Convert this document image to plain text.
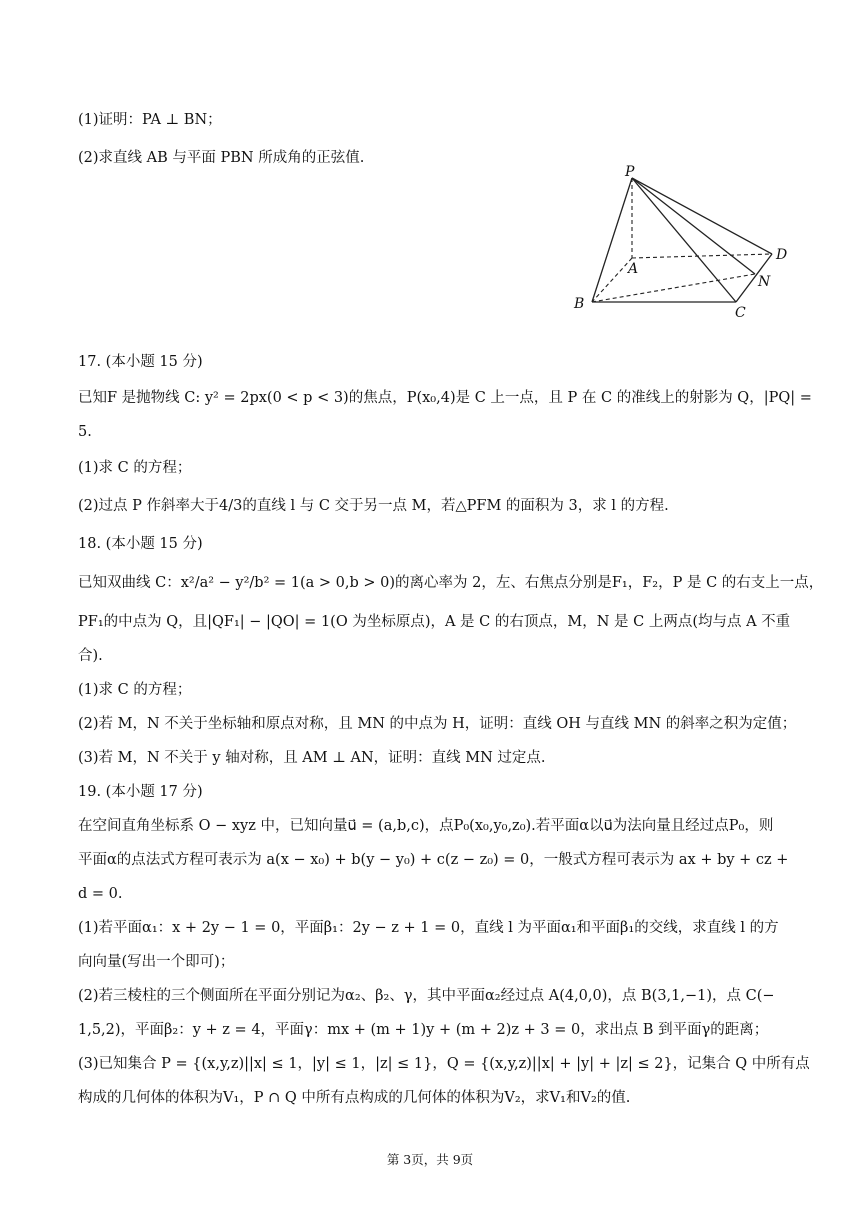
(1)证明：PA ⊥ BN；
(2)求直线 AB 与平面 PBN 所成角的正弦值.
P
A
B
C
D
N
17. (本小题 15 分)
已知F 是抛物线 C: y² = 2px(0 < p < 3)的焦点，P(x₀,4)是 C 上一点，且 P 在 C 的准线上的射影为 Q，|PQ| =
5.
(1)求 C 的方程；
(2)过点 P 作斜率大于4/3的直线 l 与 C 交于另一点 M，若△PFM 的面积为 3，求 l 的方程.
18. (本小题 15 分)
已知双曲线 C：x²/a² − y²/b² = 1(a > 0,b > 0)的离心率为 2，左、右焦点分别是F₁，F₂，P 是 C 的右支上一点，
PF₁的中点为 Q，且|QF₁| − |QO| = 1(O 为坐标原点)，A 是 C 的右顶点，M，N 是 C 上两点(均与点 A 不重
合).
(1)求 C 的方程；
(2)若 M，N 不关于坐标轴和原点对称，且 MN 的中点为 H，证明：直线 OH 与直线 MN 的斜率之积为定值；
(3)若 M，N 不关于 y 轴对称，且 AM ⊥ AN，证明：直线 MN 过定点.
19. (本小题 17 分)
在空间直角坐标系 O − xyz 中，已知向量u⃗ = (a,b,c)，点P₀(x₀,y₀,z₀).若平面α以u⃗为法向量且经过点P₀，则
平面α的点法式方程可表示为 a(x − x₀) + b(y − y₀) + c(z − z₀) = 0，一般式方程可表示为 ax + by + cz +
d = 0.
(1)若平面α₁：x + 2y − 1 = 0，平面β₁：2y − z + 1 = 0，直线 l 为平面α₁和平面β₁的交线，求直线 l 的方
向向量(写出一个即可)；
(2)若三棱柱的三个侧面所在平面分别记为α₂、β₂、γ，其中平面α₂经过点 A(4,0,0)，点 B(3,1,−1)，点 C(−
1,5,2)，平面β₂：y + z = 4，平面γ：mx + (m + 1)y + (m + 2)z + 3 = 0，求出点 B 到平面γ的距离；
(3)已知集合 P = {(x,y,z)||x| ≤ 1，|y| ≤ 1，|z| ≤ 1}，Q = {(x,y,z)||x| + |y| + |z| ≤ 2}，记集合 Q 中所有点
构成的几何体的体积为V₁，P ∩ Q 中所有点构成的几何体的体积为V₂，求V₁和V₂的值.
第 3页，共 9页
